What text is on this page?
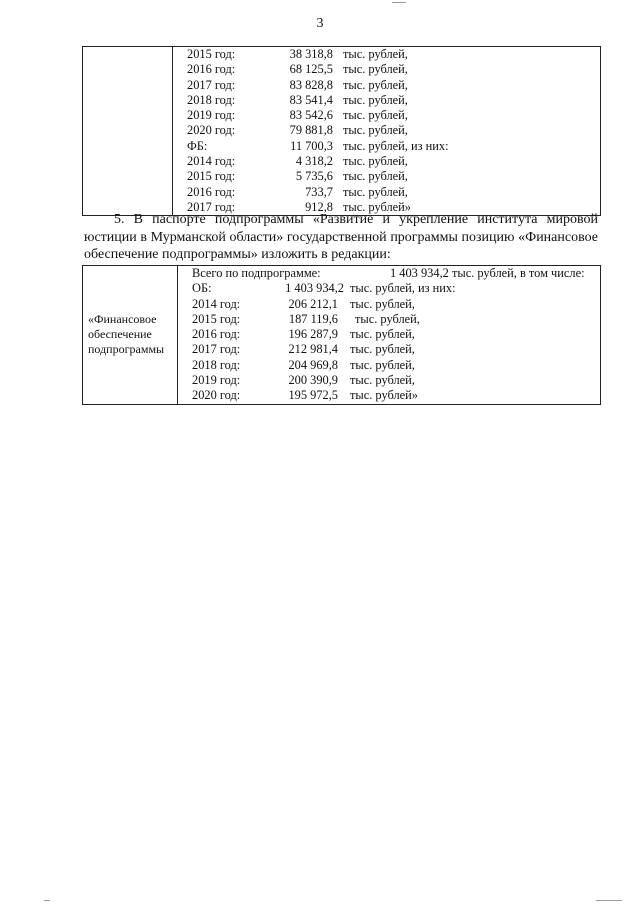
3

2015 год:	38 318,8 тыс. рублей,
2016 год:	68 125,5 тыс. рублей,
2017 год:	83 828,8 тыс. рублей,
2018 год:	83 541,4 тыс. рублей,
2019 год:	83 542,6 тыс. рублей,
2020 год:	79 881,8 тыс. рублей,
ФБ:	11 700,3 тыс. рублей, из них:
2014 год:	4 318,2 тыс. рублей,
2015 год:	5 735,6 тыс. рублей,
2016 год:	733,7 тыс. рублей,
2017 год:	912,8 тыс. рублей»
5. В паспорте подпрограммы «Развитие и укрепление института мировой юстиции в Мурманской области» государственной программы позицию «Финансовое обеспечение подпрограммы» изложить в редакции:
«Финансовое обеспечение подпрограммы	
Всего по подпрограмме:	1 403 934,2 тыс. рублей, в том числе:
ОБ:	1 403 934,2 тыс. рублей, из них:
2014 год:	206 212,1 тыс. рублей,
2015 год:	187 119,6 тыс. рублей,
2016 год:	196 287,9 тыс. рублей,
2017 год:	212 981,4 тыс. рублей,
2018 год:	204 969,8 тыс. рублей,
2019 год:	200 390,9 тыс. рублей,
2020 год:	195 972,5 тыс. рублей»
